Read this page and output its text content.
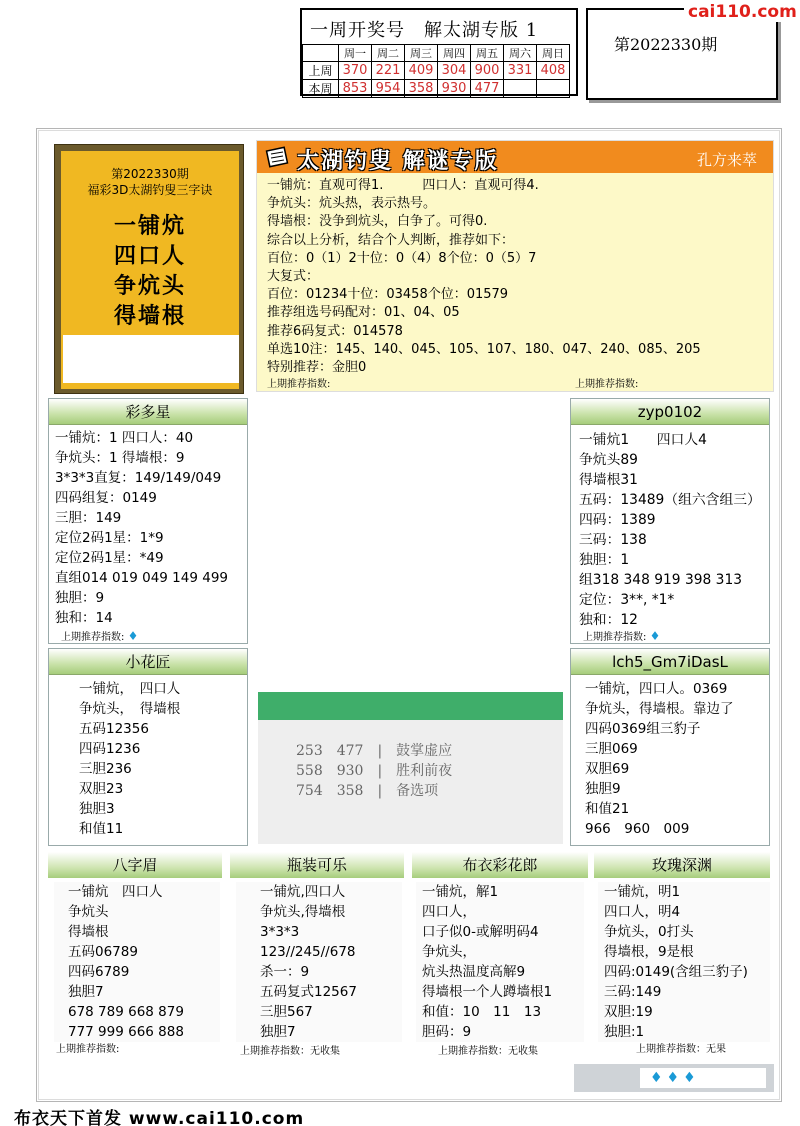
一周开奖号　解太湖专版 1
	周一	周二	周三	周四	周五	周六	周日
上周	370	221	409	304	900	331	408
本周	853	954	358	930	477		
第2022330期
cai110.com
第2022330期
福彩3D太湖钓叟三字诀
一铺炕
四口人
争炕头
得墙根
太湖钓叟 解谜专版	孔方来萃
一铺炕：直观可得1.　　　四口人：直观可得4.
争炕头：炕头热，表示热号。
得墙根：没争到炕头，白争了。可得0.
综合以上分析，结合个人判断，推荐如下：
百位：0（1）2十位：0（4）8个位：0（5）7
大复式：
百位：01234十位：03458个位：01579
推荐组选号码配对：01、04、05
推荐6码复式：014578
单选10注：145、140、045、105、107、180、047、240、085、205
特别推荐：金胆0
上期推荐指数:	上期推荐指数:
彩多星
一铺炕：1 四口人：40
争炕头：1 得墙根：9
3*3*3直复：149/149/049
四码组复：0149
三胆：149
定位2码1星：1*9
定位2码1星：*49
直组014 019 049 149 499
独胆：9
独和：14
上期推荐指数: ♦
小花匠
一铺炕，　四口人
争炕头，　得墙根
五码12356
四码1236
三胆236
双胆23
独胆3
和值11
zyp0102
一铺炕1　　四口人4
争炕头89
得墙根31
五码：13489（组六含组三）
四码：1389
三码：138
独胆：1
组318 348 919 398 313
定位：3**, *1*
独和：12
上期推荐指数: ♦
lch5_Gm7iDasL
一铺炕，四口人。0369
争炕头，得墙根。靠边了
四码0369组三豹子
三胆069
双胆69
独胆9
和值21
966　960　009
253　477　 |　 鼓掌虚应
558　930　 |　 胜利前夜
754　358　 |　 备选项
八字眉
一铺炕　四口人
争炕头
得墙根
五码06789
四码6789
独胆7
678 789 668 879
777 999 666 888
上期推荐指数:
瓶装可乐
一铺炕,四口人
争炕头,得墙根
3*3*3
123//245//678
杀一：9
五码复式12567
三胆567
独胆7
上期推荐指数：无收集
布衣彩花郎
一铺炕，解1
四口人，
口子似0-或解明码4
争炕头，
炕头热温度高解9
得墙根一个人蹲墙根1
和值：10　11　13
胆码：9
上期推荐指数：无收集
玫瑰深渊
一铺炕，明1
四口人，明4
争炕头，0打头
得墙根，9是根
四码:0149(含组三豹子)
三码:149
双胆:19
独胆:1
上期推荐指数：无果
♦♦♦
布衣天下首发 www.cai110.com
